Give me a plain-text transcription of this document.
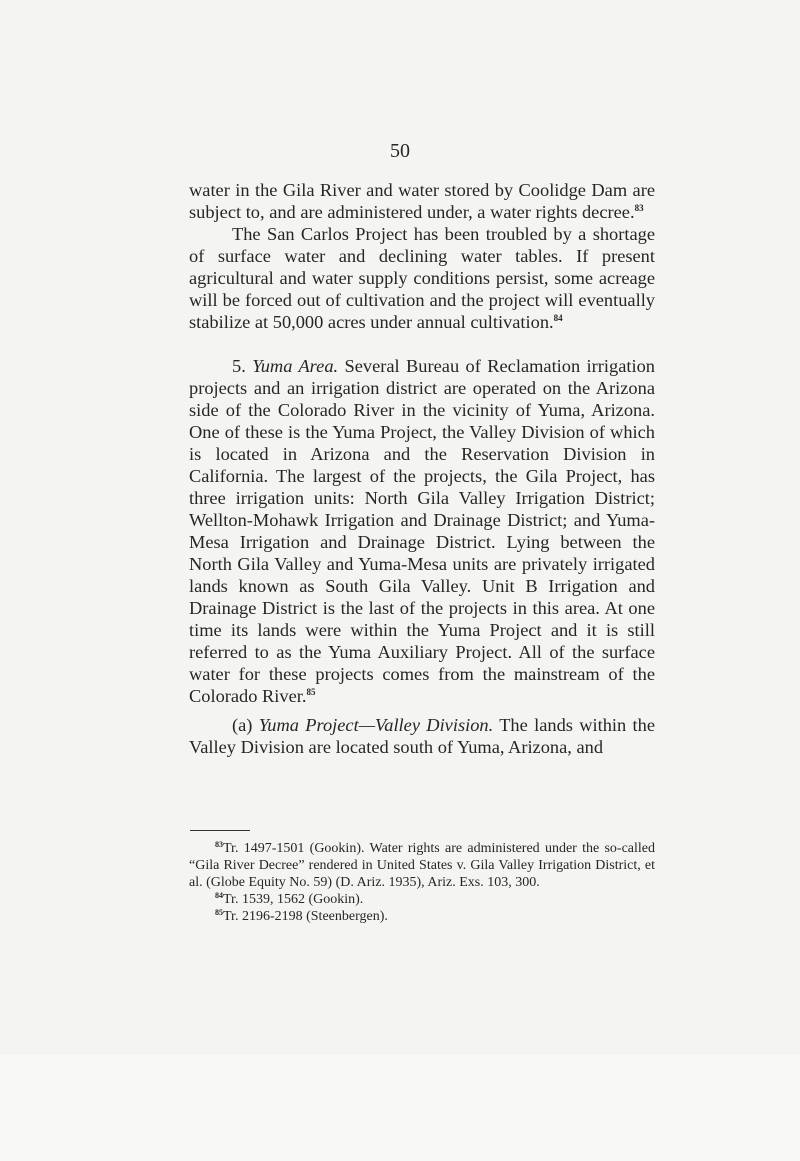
50

water in the Gila River and water stored by Coolidge Dam are subject to, and are administered under, a water rights decree.$^{83}$

The San Carlos Project has been troubled by a shortage of surface water and declining water tables. If present agricultural and water supply conditions persist, some acreage will be forced out of cultivation and the project will eventually stabilize at 50,000 acres under annual cultivation.$^{84}$

5. Yuma Area. Several Bureau of Reclamation irrigation projects and an irrigation district are operated on the Arizona side of the Colorado River in the vicinity of Yuma, Arizona. One of these is the Yuma Project, the Valley Division of which is located in Arizona and the Reservation Division in California. The largest of the projects, the Gila Project, has three irrigation units: North Gila Valley Irrigation District; Wellton-Mohawk Irrigation and Drainage District; and Yuma-Mesa Irrigation and Drainage District. Lying between the North Gila Valley and Yuma-Mesa units are privately irrigated lands known as South Gila Valley. Unit B Irrigation and Drainage District is the last of the projects in this area. At one time its lands were within the Yuma Project and it is still referred to as the Yuma Auxiliary Project. All of the surface water for these projects comes from the mainstream of the Colorado River.$^{85}$

(a) Yuma Project—Valley Division. The lands within the Valley Division are located south of Yuma, Arizona, and

$^{83}$Tr. 1497-1501 (Gookin). Water rights are administered under the so-called “Gila River Decree” rendered in United States v. Gila Valley Irrigation District, et al. (Globe Equity No. 59) (D. Ariz. 1935), Ariz. Exs. 103, 300.

$^{84}$Tr. 1539, 1562 (Gookin).

$^{85}$Tr. 2196-2198 (Steenbergen).
